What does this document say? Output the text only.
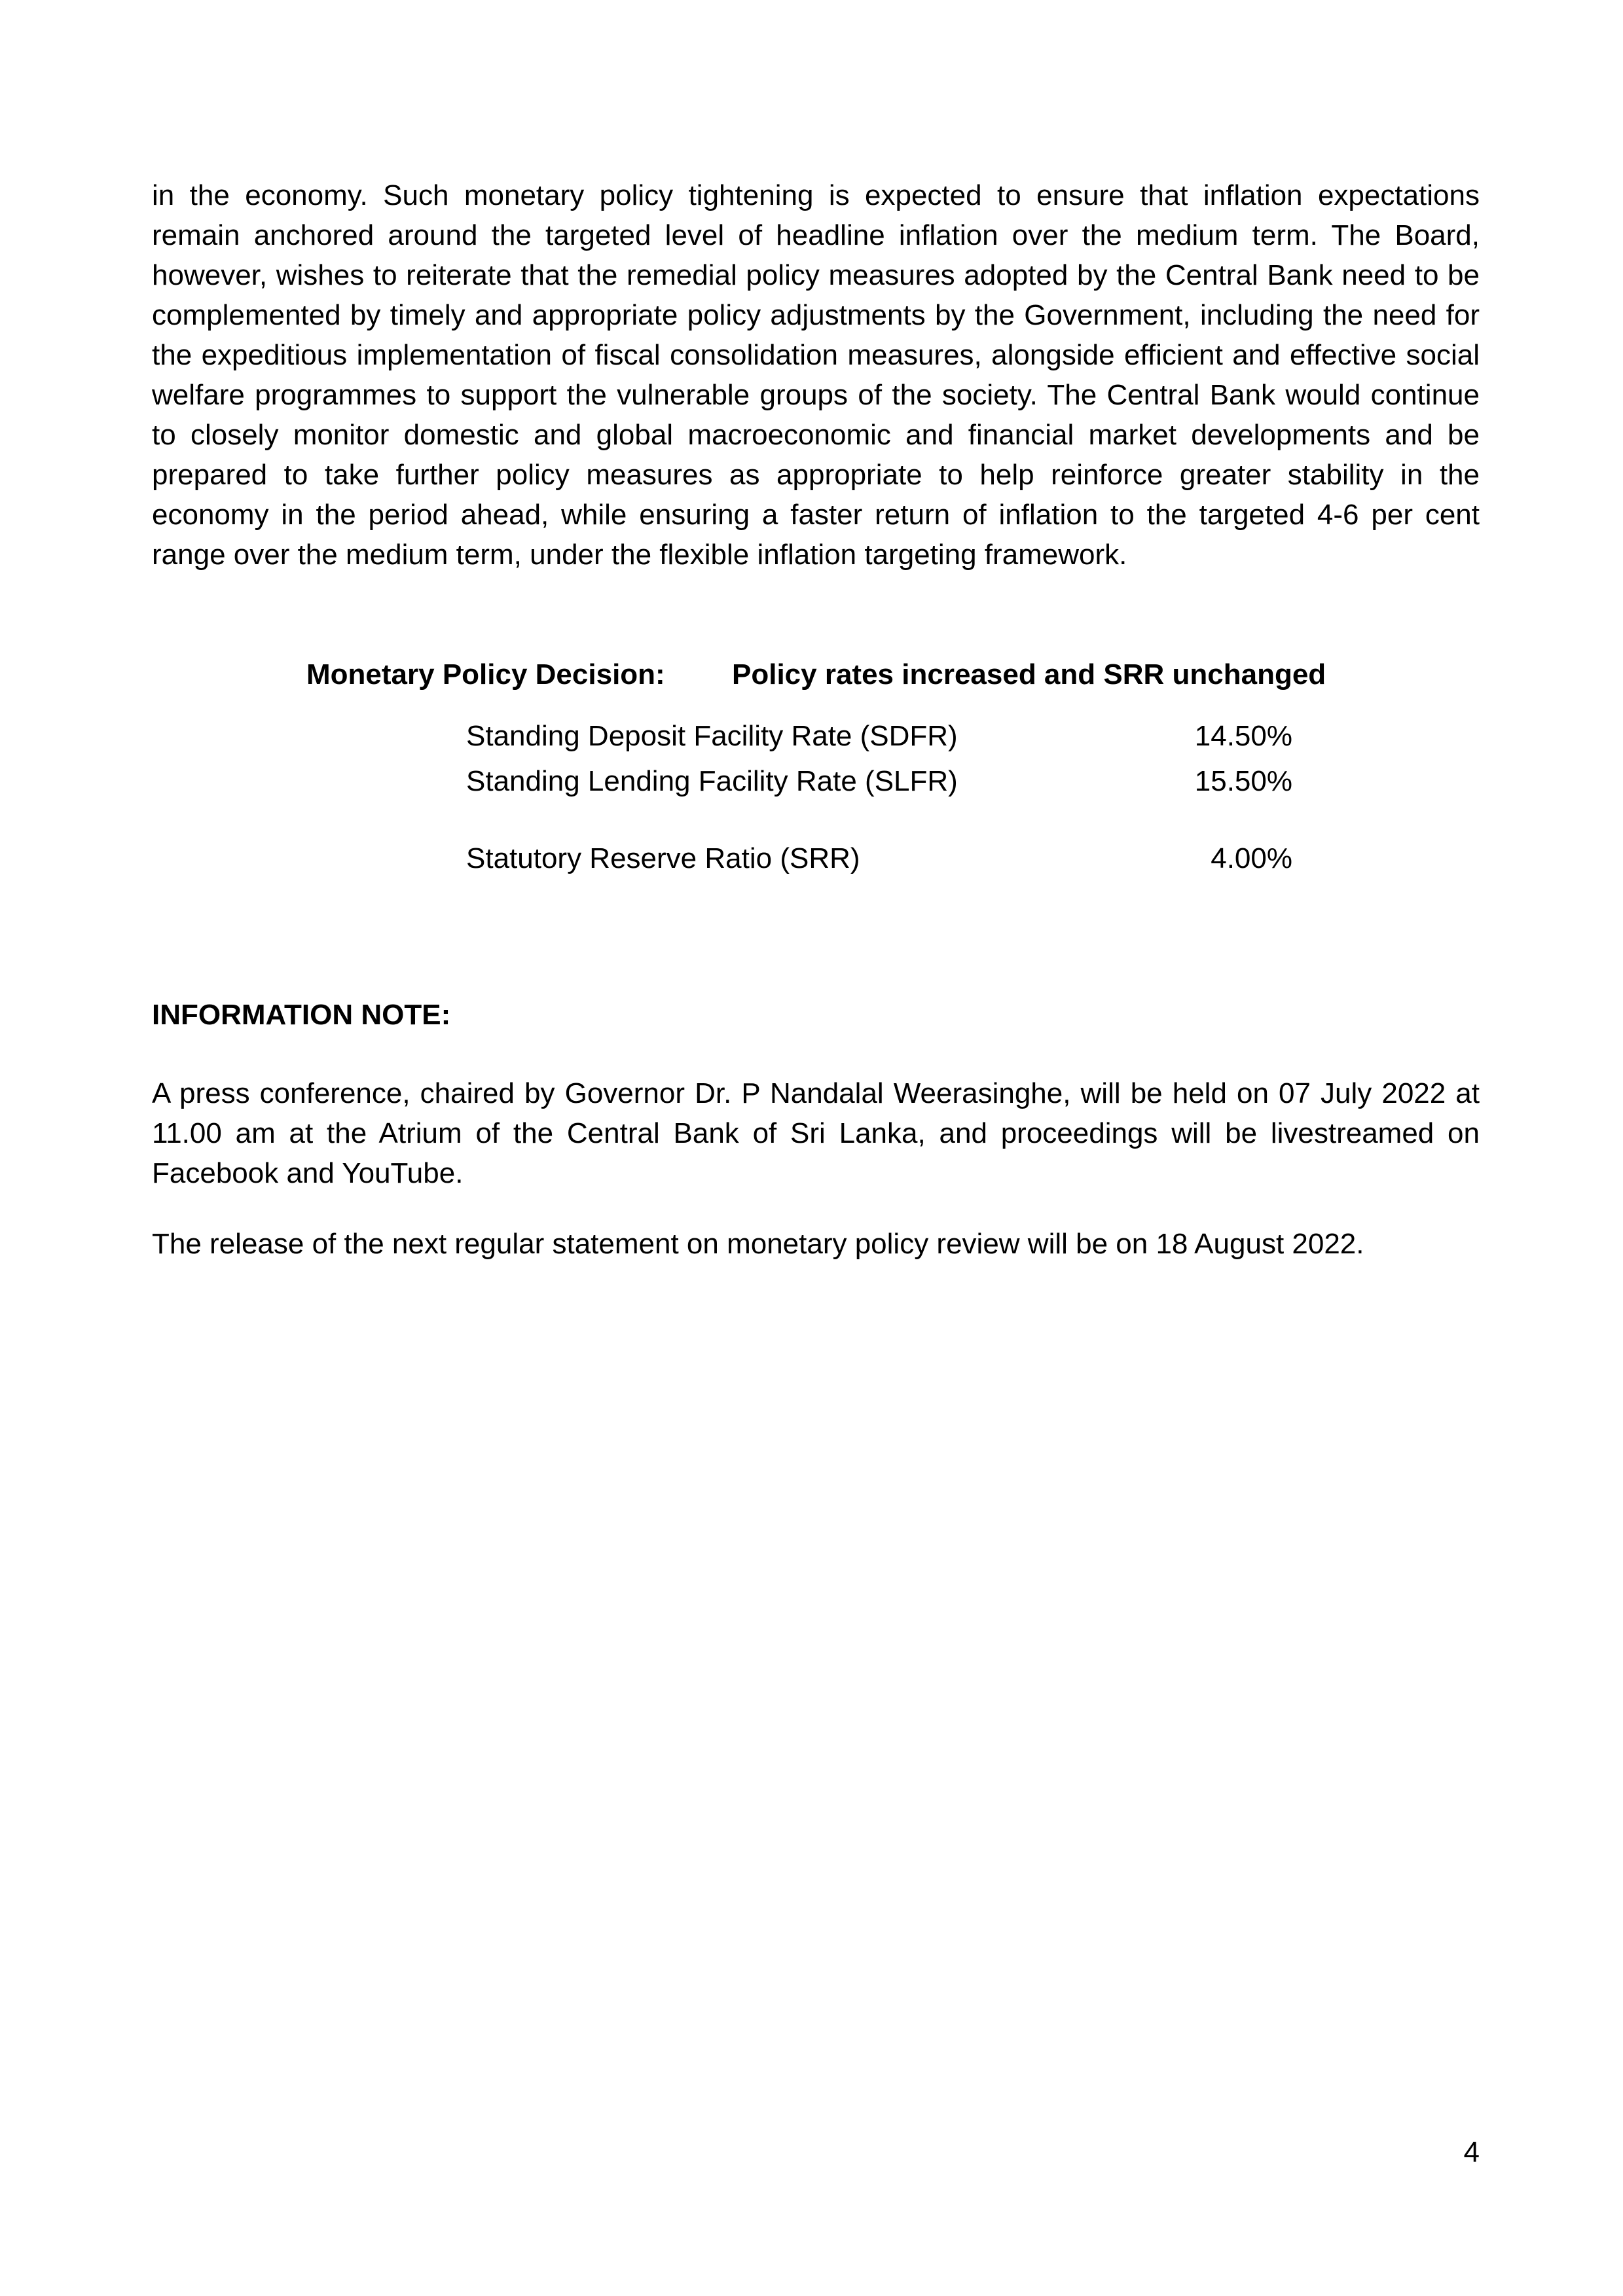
in the economy. Such monetary policy tightening is expected to ensure that inflation expectations remain anchored around the targeted level of headline inflation over the medium term. The Board, however, wishes to reiterate that the remedial policy measures adopted by the Central Bank need to be complemented by timely and appropriate policy adjustments by the Government, including the need for the expeditious implementation of fiscal consolidation measures, alongside efficient and effective social welfare programmes to support the vulnerable groups of the society. The Central Bank would continue to closely monitor domestic and global macroeconomic and financial market developments and be prepared to take further policy measures as appropriate to help reinforce greater stability in the economy in the period ahead, while ensuring a faster return of inflation to the targeted 4-6 per cent range over the medium term, under the flexible inflation targeting framework.

Monetary Policy Decision: Policy rates increased and SRR unchanged
Standing Deposit Facility Rate (SDFR)	14.50%
Standing Lending Facility Rate (SLFR)	15.50%
Statutory Reserve Ratio (SRR)	4.00%
INFORMATION NOTE:

A press conference, chaired by Governor Dr. P Nandalal Weerasinghe, will be held on 07 July 2022 at 11.00 am at the Atrium of the Central Bank of Sri Lanka, and proceedings will be livestreamed on Facebook and YouTube.

The release of the next regular statement on monetary policy review will be on 18 August 2022.

4
